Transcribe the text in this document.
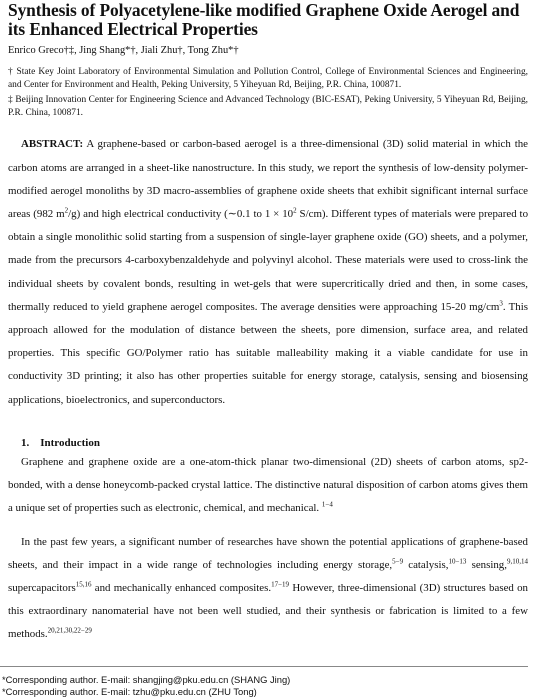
Synthesis of Polyacetylene-like modified Graphene Oxide Aerogel and its Enhanced Electrical Properties
Enrico Greco†‡, Jing Shang*†, Jiali Zhu†, Tong Zhu*†
† State Key Joint Laboratory of Environmental Simulation and Pollution Control, College of Environmental Sciences and Engineering, and Center for Environment and Health, Peking University, 5 Yiheyuan Rd, Beijing, P.R. China, 100871.
‡ Beijing Innovation Center for Engineering Science and Advanced Technology (BIC-ESAT), Peking University, 5 Yiheyuan Rd, Beijing, P.R. China, 100871.

ABSTRACT: A graphene-based or carbon-based aerogel is a three-dimensional (3D) solid material in which the carbon atoms are arranged in a sheet-like nanostructure. In this study, we report the synthesis of low-density polymer-modified aerogel monoliths by 3D macro-assemblies of graphene oxide sheets that exhibit significant internal surface areas (982 $m^2/g$) and high electrical conductivity (∼0.1 to $1 \times 10^2$ S/cm). Different types of materials were prepared to obtain a single monolithic solid starting from a suspension of single-layer graphene oxide (GO) sheets, and a polymer, made from the precursors 4-carboxybenzaldehyde and polyvinyl alcohol. These materials were used to cross-link the individual sheets by covalent bonds, resulting in wet-gels that were supercritically dried and then, in some cases, thermally reduced to yield graphene aerogel composites. The average densities were approaching 15-20 $mg/cm^3$. This approach allowed for the modulation of distance between the sheets, pore dimension, surface area, and related properties. This specific GO/Polymer ratio has suitable malleability making it a viable candidate for use in conductivity 3D printing; it also has other properties suitable for energy storage, catalysis, sensing and biosensing applications, bioelectronics, and superconductors.

1. Introduction

Graphene and graphene oxide are a one-atom-thick planar two-dimensional (2D) sheets of carbon atoms, sp2-bonded, with a dense honeycomb-packed crystal lattice. The distinctive natural disposition of carbon atoms gives them a unique set of properties such as electronic, chemical, and mechanical. $^{1-4}$

In the past few years, a significant number of researches have shown the potential applications of graphene-based sheets, and their impact in a wide range of technologies including energy storage,$^{5-9}$ catalysis,$^{10-13}$ sensing,$^{9,10,14}$ supercapacitors$^{15,16}$ and mechanically enhanced composites.$^{17-19}$ However, three-dimensional (3D) structures based on this extraordinary nanomaterial have not been well studied, and their synthesis or fabrication is limited to a few methods.$^{20,21,30,22-29}$

*Corresponding author. E-mail: shangjing@pku.edu.cn (SHANG Jing)
*Corresponding author. E-mail: tzhu@pku.edu.cn (ZHU Tong)
